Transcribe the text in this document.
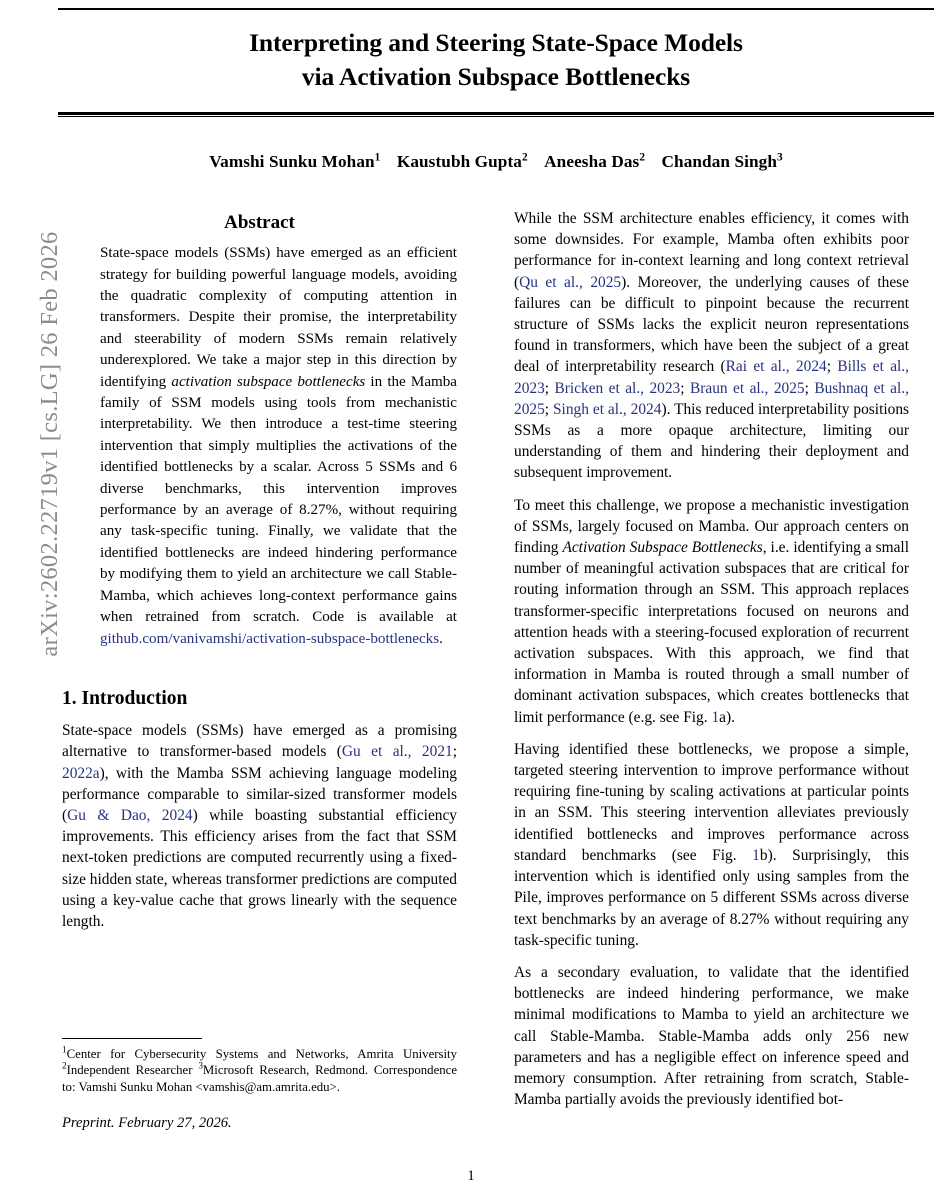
arXiv:2602.22719v1 [cs.LG] 26 Feb 2026
Interpreting and Steering State-Space Models
via Activation Subspace Bottlenecks
Vamshi Sunku Mohan$^1$ Kaustubh Gupta$^2$ Aneesha Das$^2$ Chandan Singh$^3$
Abstract

State-space models (SSMs) have emerged as an efficient strategy for building powerful language models, avoiding the quadratic complexity of computing attention in transformers. Despite their promise, the interpretability and steerability of modern SSMs remain relatively underexplored. We take a major step in this direction by identifying activation subspace bottlenecks in the Mamba family of SSM models using tools from mechanistic interpretability. We then introduce a test-time steering intervention that simply multiplies the activations of the identified bottlenecks by a scalar. Across 5 SSMs and 6 diverse benchmarks, this intervention improves performance by an average of 8.27%, without requiring any task-specific tuning. Finally, we validate that the identified bottlenecks are indeed hindering performance by modifying them to yield an architecture we call Stable-Mamba, which achieves long-context performance gains when retrained from scratch. Code is available at github.com/vanivamshi/activation-subspace-bottlenecks.

1. Introduction

State-space models (SSMs) have emerged as a promising alternative to transformer-based models (Gu et al., 2021; 2022a), with the Mamba SSM achieving language modeling performance comparable to similar-sized transformer models (Gu & Dao, 2024) while boasting substantial efficiency improvements. This efficiency arises from the fact that SSM next-token predictions are computed recurrently using a fixed-size hidden state, whereas transformer predictions are computed using a key-value cache that grows linearly with the sequence length.

$^1$Center for Cybersecurity Systems and Networks, Amrita University $^2$Independent Researcher $^3$Microsoft Research, Redmond. Correspondence to: Vamshi Sunku Mohan <vamshis@am.amrita.edu>.
Preprint. February 27, 2026.

While the SSM architecture enables efficiency, it comes with some downsides. For example, Mamba often exhibits poor performance for in-context learning and long context retrieval (Qu et al., 2025). Moreover, the underlying causes of these failures can be difficult to pinpoint because the recurrent structure of SSMs lacks the explicit neuron representations found in transformers, which have been the subject of a great deal of interpretability research (Rai et al., 2024; Bills et al., 2023; Bricken et al., 2023; Braun et al., 2025; Bushnaq et al., 2025; Singh et al., 2024). This reduced interpretability positions SSMs as a more opaque architecture, limiting our understanding of them and hindering their deployment and subsequent improvement.

To meet this challenge, we propose a mechanistic investigation of SSMs, largely focused on Mamba. Our approach centers on finding Activation Subspace Bottlenecks, i.e. identifying a small number of meaningful activation subspaces that are critical for routing information through an SSM. This approach replaces transformer-specific interpretations focused on neurons and attention heads with a steering-focused exploration of recurrent activation subspaces. With this approach, we find that information in Mamba is routed through a small number of dominant activation subspaces, which creates bottlenecks that limit performance (e.g. see Fig. 1a).

Having identified these bottlenecks, we propose a simple, targeted steering intervention to improve performance without requiring fine-tuning by scaling activations at particular points in an SSM. This steering intervention alleviates previously identified bottlenecks and improves performance across standard benchmarks (see Fig. 1b). Surprisingly, this intervention which is identified only using samples from the Pile, improves performance on 5 different SSMs across diverse text benchmarks by an average of 8.27% without requiring any task-specific tuning.

As a secondary evaluation, to validate that the identified bottlenecks are indeed hindering performance, we make minimal modifications to Mamba to yield an architecture we call Stable-Mamba. Stable-Mamba adds only 256 new parameters and has a negligible effect on inference speed and memory consumption. After retraining from scratch, Stable-Mamba partially avoids the previously identified bot-

1
